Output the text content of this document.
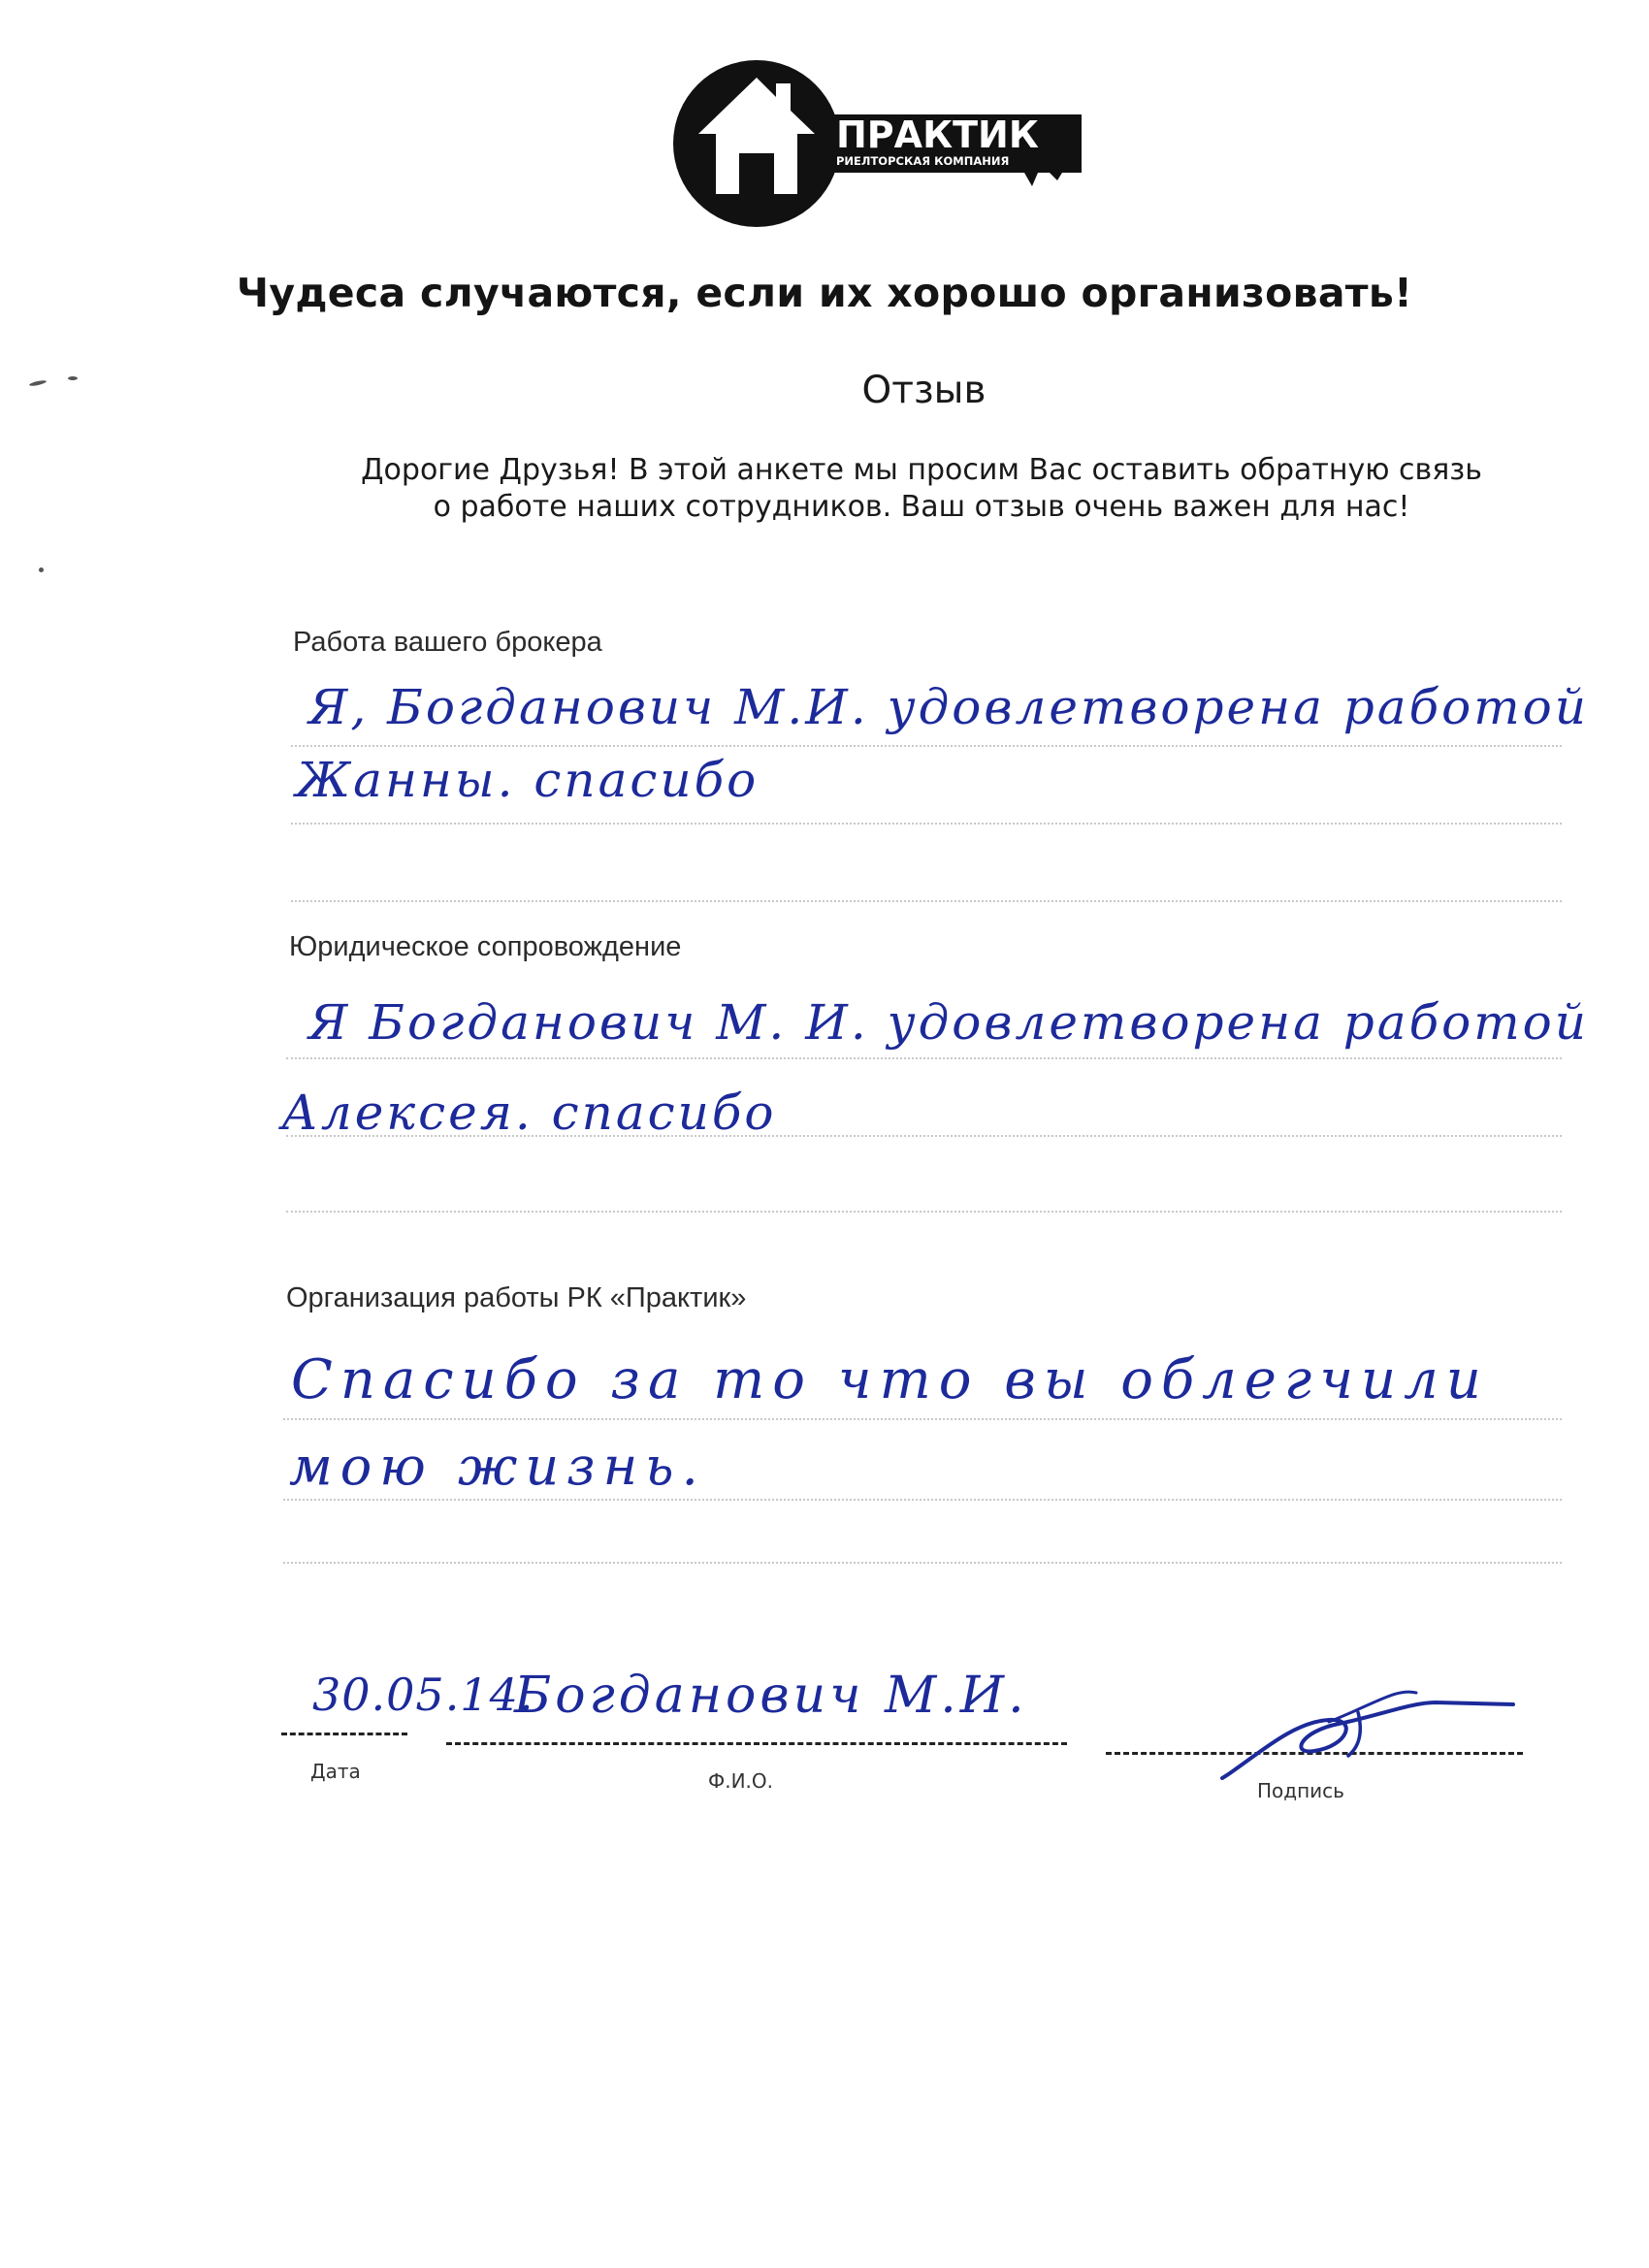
ПРАКТИК
РИЕЛТОРСКАЯ КОМПАНИЯ
Чудеса случаются, если их хорошо организовать!
Отзыв
Дорогие Друзья! В этой анкете мы просим Вас оставить обратную связь
о работе наших сотрудников. Ваш отзыв очень важен для нас!
Работа вашего брокера
Я, Богданович М.И. удовлетворена работой
Жанны. спасибо
Юридическое сопровождение
Я Богданович М. И. удовлетворена работой
Алексея. спасибо
Организация работы РК «Практик»
Спасибо за то что вы облегчили
мою жизнь.
30.05.14.
Богданович М.И.
Дата	Ф.И.О.	Подпись
